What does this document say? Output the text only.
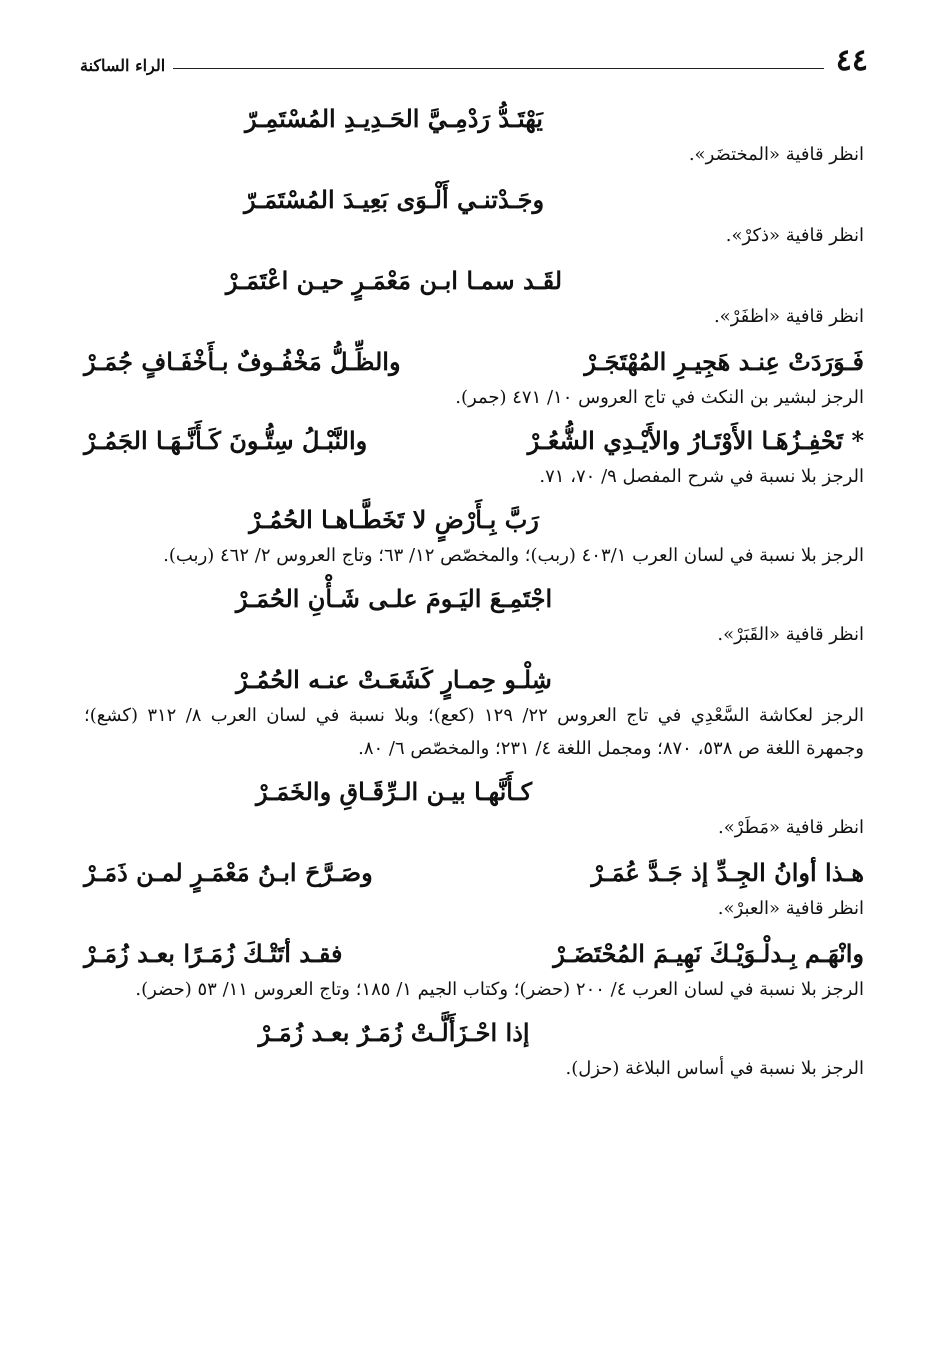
٤٤
الراء الساكنة

يَهْتَـدُّ رَدْمِـيَّ الحَـدِيـدِ المُسْتَمِـرّ

انظر قافية «المختضَر».

وجَـدْتنـي أَلْـوَى بَعِيـدَ المُسْتَمَـرّ

انظر قافية «ذكرْ».

لقَـد سمـا ابـن مَعْمَـرٍ حيـن اعْتَمَـرْ

انظر قافية «اظفَرْ».

فَـوَرَدَتْ عِنـد هَجِيـرِ المُهْتَجَـرْ
والظِّـلُّ مَخْفُـوفٌ بـأَخْفَـافٍ جُمَـرْ

الرجز لبشير بن النكث في تاج العروس ١٠/ ٤٧١ (جمر).

* تَحْفِـزُهَـا الأَوْتَـارُ والأَيْـدِي الشُّعُـرْ
والنَّبْـلُ سِتُّـونَ كَـأَنَّـهَـا الجَمُـرْ

الرجز بلا نسبة في شرح المفصل ٩/ ٧٠، ٧١.

رَبَّ بِـأَرْضٍ لا تَخَطَّـاهـا الحُمُـرْ

الرجز بلا نسبة في لسان العرب ٤٠٣/١ (ربب)؛ والمخصّص ١٢/ ٦٣؛ وتاج العروس ٢/ ٤٦٢ (ربب).

اجْتَمِـعَ اليَـومَ علـى شَـأْنِ الحُمَـرْ

انظر قافية «القَبَرْ».

شِلْـو حِمـارٍ كَشَعَـتْ عنـه الحُمُـرْ

الرجز لعكاشة السَّعْدِي في تاج العروس ٢٢/ ١٢٩ (كعع)؛ وبلا نسبة في لسان العرب ٨/ ٣١٢ (كشع)؛ وجمهرة اللغة ص ٥٣٨، ٨٧٠؛ ومجمل اللغة ٤/ ٢٣١؛ والمخصّص ٦/ ٨٠.

كـأَنَّهـا بيـن الـرِّقَـاقِ والخَمَـرْ

انظر قافية «مَطَرْ».

هـذا أوانُ الجِـدِّ إذ جَـدَّ عُمَـرْ
وصَـرَّحَ ابـنُ مَعْمَـرٍ لمـن ذَمَـرْ

انظر قافية «العبرْ».

وانْهَـم بِـدلْـوَيْـكَ نَهِيـمَ المُحْتَضَـرْ
فقـد أتَتْـكَ زُمَـرًا بعـد زُمَـرْ

الرجز بلا نسبة في لسان العرب ٤/ ٢٠٠ (حضر)؛ وكتاب الجيم ١/ ١٨٥؛ وتاج العروس ١١/ ٥٣ (حضر).

إذا احْـزَأَلَّـتْ زُمَـرٌ بعـد زُمَـرْ

الرجز بلا نسبة في أساس البلاغة (حزل).
